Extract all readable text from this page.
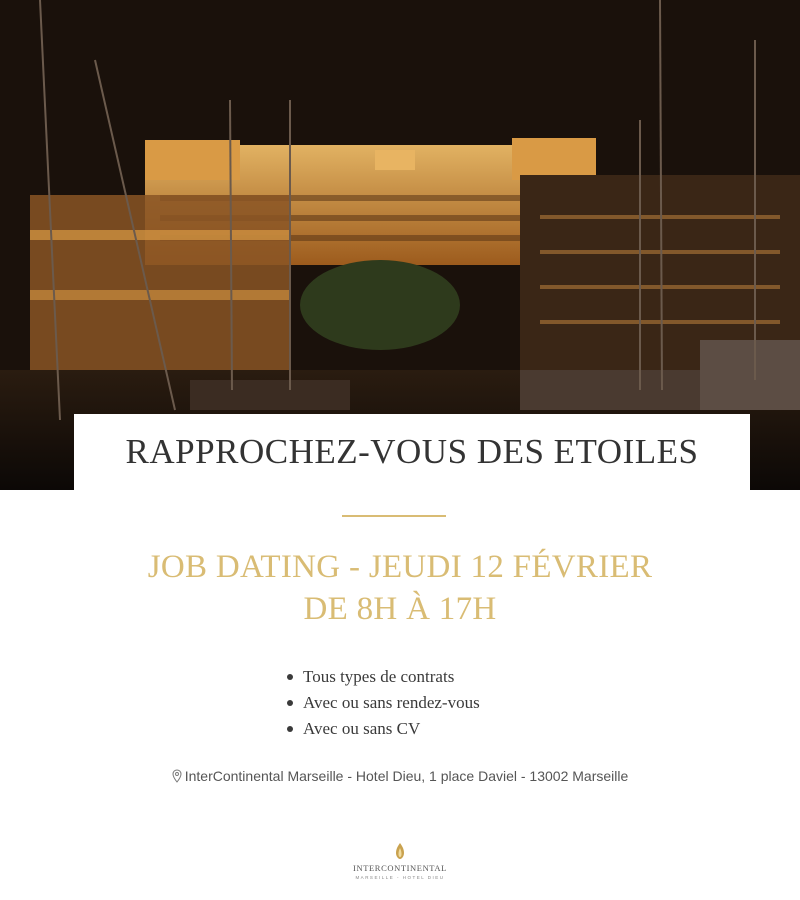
RAPPROCHEZ-VOUS DES ETOILES
JOB DATING - JEUDI 12 FÉVRIER
DE 8H À 17H
Tous types de contrats
Avec ou sans rendez-vous
Avec ou sans CV
InterContinental Marseille - Hotel Dieu, 1 place Daviel - 13002 Marseille
INTERCONTINENTAL
MARSEILLE - HOTEL DIEU
